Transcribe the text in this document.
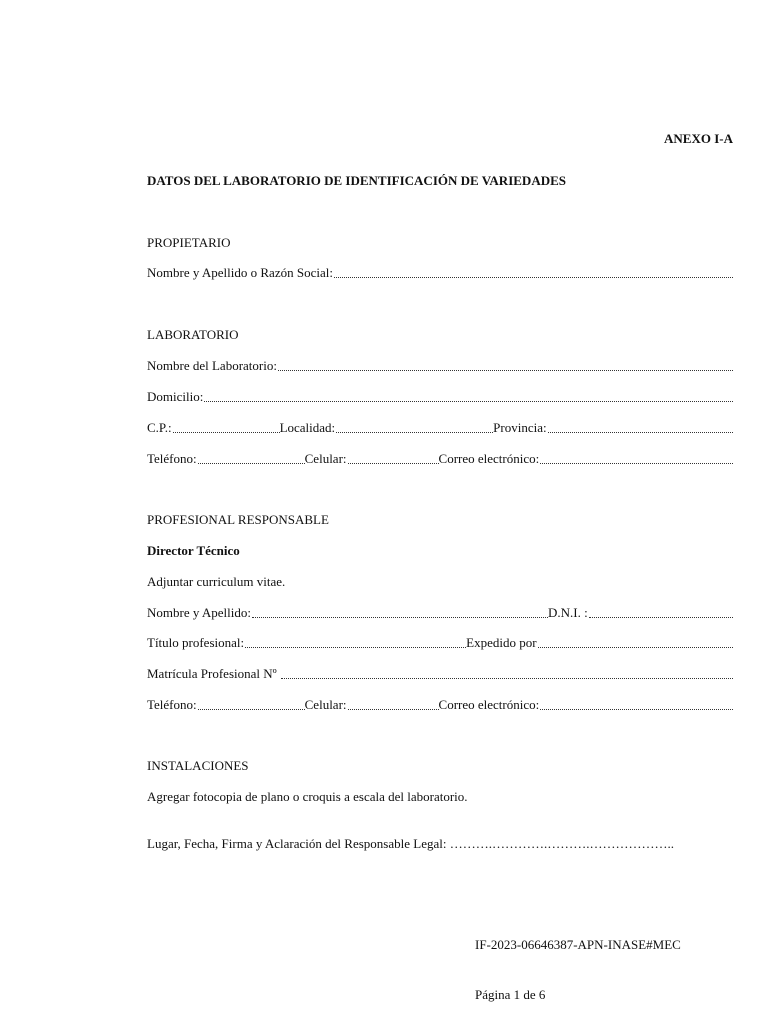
ANEXO I-A
DATOS DEL LABORATORIO DE IDENTIFICACIÓN DE VARIEDADES
PROPIETARIO
Nombre y Apellido o Razón Social:
LABORATORIO
Nombre del Laboratorio:
Domicilio:
C.P.:	Localidad:	Provincia:
Teléfono:	Celular:	Correo electrónico:
PROFESIONAL RESPONSABLE
Director Técnico
Adjuntar curriculum vitae.
Nombre y Apellido:	D.N.I. :
Título profesional:	Expedido por
Matrícula Profesional Nº
Teléfono:	Celular:	Correo electrónico:
INSTALACIONES
Agregar fotocopia de plano o croquis a escala del laboratorio.
Lugar, Fecha, Firma y Aclaración del Responsable Legal: ……….………….……….………………..
IF-2023-06646387-APN-INASE#MEC
Página 1 de 6
